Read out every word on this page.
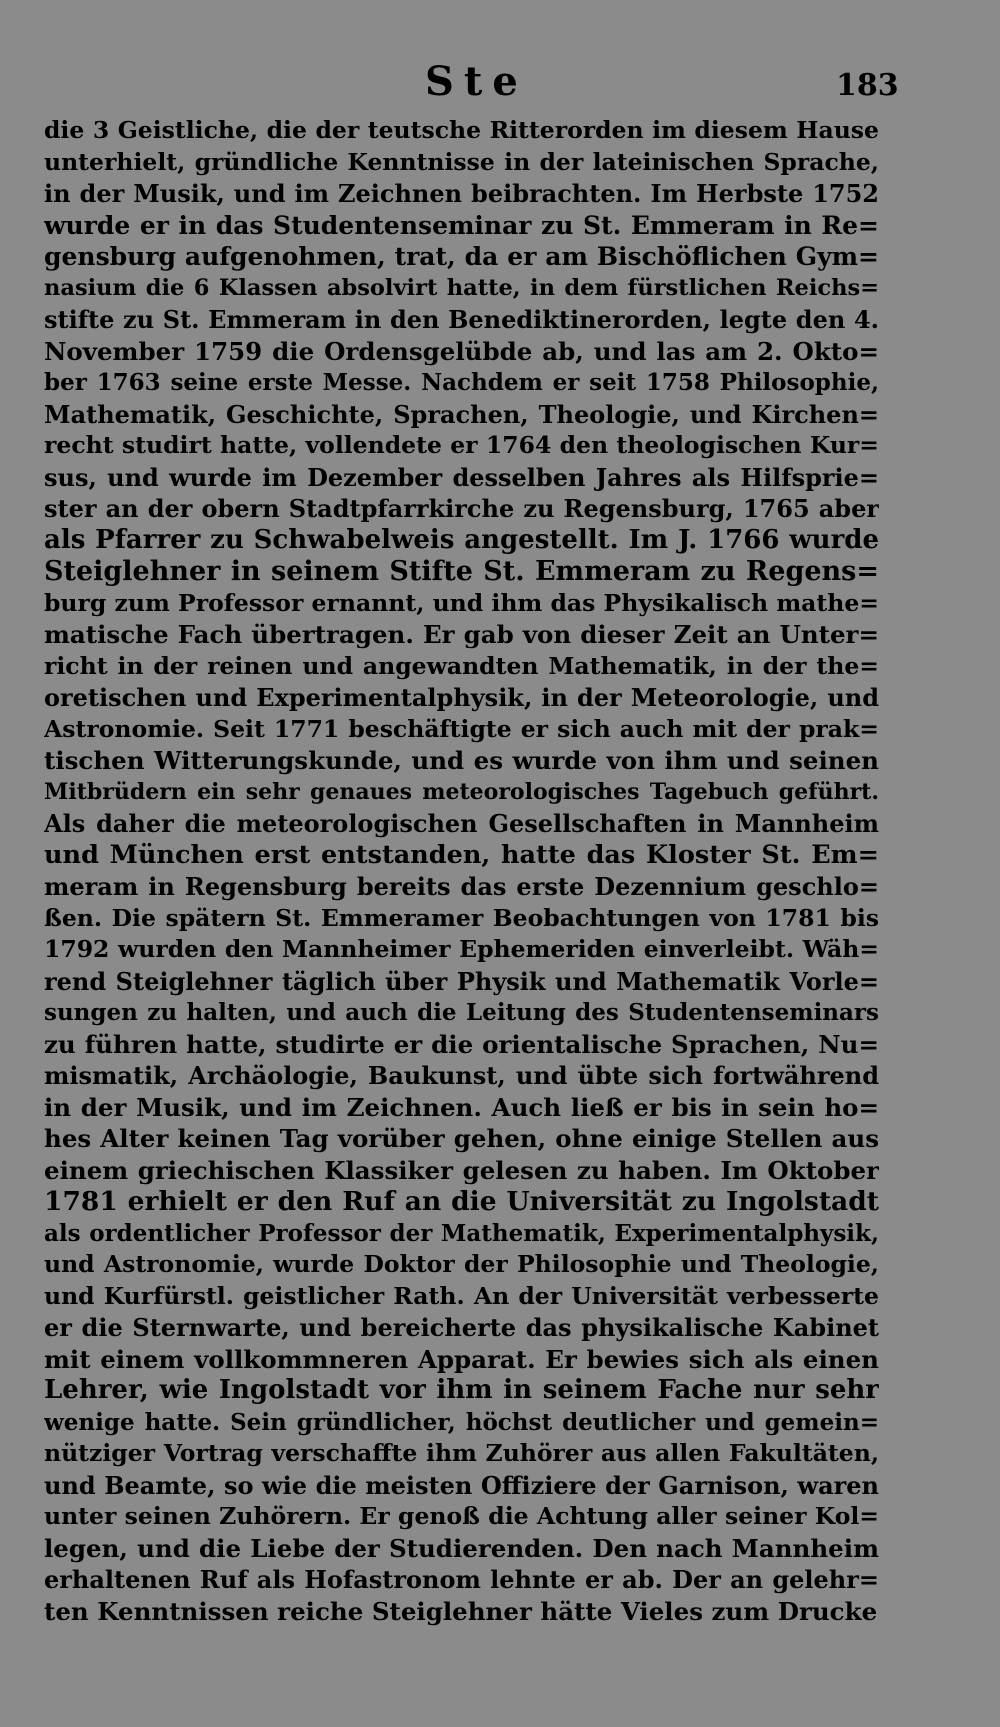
Ste	183
die 3 Geistliche, die der teutsche Ritterorden im diesem Hause
unterhielt, gründliche Kenntnisse in der lateinischen Sprache,
in der Musik, und im Zeichnen beibrachten. Im Herbste 1752
wurde er in das Studentenseminar zu St. Emmeram in Re=
gensburg aufgenohmen, trat, da er am Bischöflichen Gym=
nasium die 6 Klassen absolvirt hatte, in dem fürstlichen Reichs=
stifte zu St. Emmeram in den Benediktinerorden, legte den 4.
November 1759 die Ordensgelübde ab, und las am 2. Okto=
ber 1763 seine erste Messe. Nachdem er seit 1758 Philosophie,
Mathematik, Geschichte, Sprachen, Theologie, und Kirchen=
recht studirt hatte, vollendete er 1764 den theologischen Kur=
sus, und wurde im Dezember desselben Jahres als Hilfsprie=
ster an der obern Stadtpfarrkirche zu Regensburg, 1765 aber
als Pfarrer zu Schwabelweis angestellt. Im J. 1766 wurde
Steiglehner in seinem Stifte St. Emmeram zu Regens=
burg zum Professor ernannt, und ihm das Physikalisch mathe=
matische Fach übertragen. Er gab von dieser Zeit an Unter=
richt in der reinen und angewandten Mathematik, in der the=
oretischen und Experimentalphysik, in der Meteorologie, und
Astronomie. Seit 1771 beschäftigte er sich auch mit der prak=
tischen Witterungskunde, und es wurde von ihm und seinen
Mitbrüdern ein sehr genaues meteorologisches Tagebuch geführt.
Als daher die meteorologischen Gesellschaften in Mannheim
und München erst entstanden, hatte das Kloster St. Em=
meram in Regensburg bereits das erste Dezennium geschlo=
ßen. Die spätern St. Emmeramer Beobachtungen von 1781 bis
1792 wurden den Mannheimer Ephemeriden einverleibt. Wäh=
rend Steiglehner täglich über Physik und Mathematik Vorle=
sungen zu halten, und auch die Leitung des Studentenseminars
zu führen hatte, studirte er die orientalische Sprachen, Nu=
mismatik, Archäologie, Baukunst, und übte sich fortwährend
in der Musik, und im Zeichnen. Auch ließ er bis in sein ho=
hes Alter keinen Tag vorüber gehen, ohne einige Stellen aus
einem griechischen Klassiker gelesen zu haben. Im Oktober
1781 erhielt er den Ruf an die Universität zu Ingolstadt
als ordentlicher Professor der Mathematik, Experimentalphysik,
und Astronomie, wurde Doktor der Philosophie und Theologie,
und Kurfürstl. geistlicher Rath. An der Universität verbesserte
er die Sternwarte, und bereicherte das physikalische Kabinet
mit einem vollkommneren Apparat. Er bewies sich als einen
Lehrer, wie Ingolstadt vor ihm in seinem Fache nur sehr
wenige hatte. Sein gründlicher, höchst deutlicher und gemein=
nütziger Vortrag verschaffte ihm Zuhörer aus allen Fakultäten,
und Beamte, so wie die meisten Offiziere der Garnison, waren
unter seinen Zuhörern. Er genoß die Achtung aller seiner Kol=
legen, und die Liebe der Studierenden. Den nach Mannheim
erhaltenen Ruf als Hofastronom lehnte er ab. Der an gelehr=
ten Kenntnissen reiche Steiglehner hätte Vieles zum Drucke
